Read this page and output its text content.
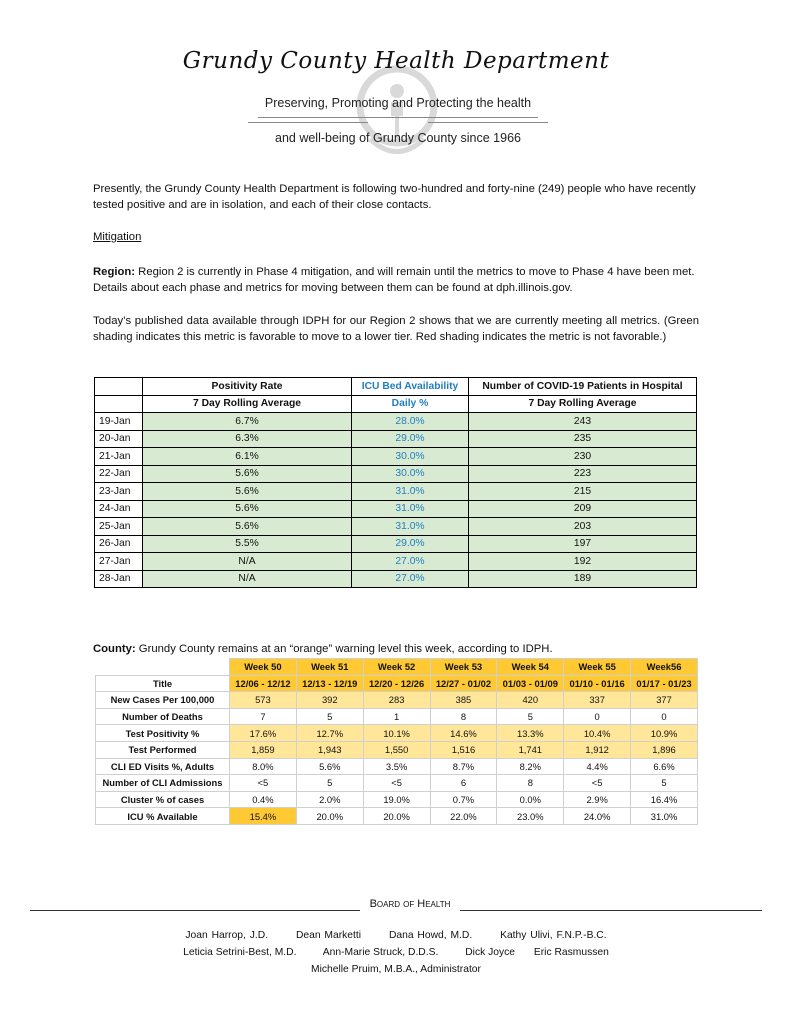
Grundy County Health Department
Preserving, Promoting and Protecting the health
and well-being of Grundy County since 1966
Presently, the Grundy County Health Department is following two-hundred and forty-nine (249) people who have recently tested positive and are in isolation, and each of their close contacts.
Mitigation
Region: Region 2 is currently in Phase 4 mitigation, and will remain until the metrics to move to Phase 4 have been met. Details about each phase and metrics for moving between them can be found at dph.illinois.gov.
Today’s published data available through IDPH for our Region 2 shows that we are currently meeting all metrics. (Green shading indicates this metric is favorable to move to a lower tier. Red shading indicates the metric is not favorable.)
	Positivity Rate	ICU Bed Availability	Number of COVID-19 Patients in Hospital
	7 Day Rolling Average	Daily %	7 Day Rolling Average
19-Jan	6.7%	28.0%	243
20-Jan	6.3%	29.0%	235
21-Jan	6.1%	30.0%	230
22-Jan	5.6%	30.0%	223
23-Jan	5.6%	31.0%	215
24-Jan	5.6%	31.0%	209
25-Jan	5.6%	31.0%	203
26-Jan	5.5%	29.0%	197
27-Jan	N/A	27.0%	192
28-Jan	N/A	27.0%	189
County: Grundy County remains at an “orange” warning level this week, according to IDPH.
	Week 50	Week 51	Week 52	Week 53	Week 54	Week 55	Week56
Title	12/06 - 12/12	12/13 - 12/19	12/20 - 12/26	12/27 - 01/02	01/03 - 01/09	01/10 - 01/16	01/17 - 01/23
New Cases Per 100,000	573	392	283	385	420	337	377
Number of Deaths	7	5	1	8	5	0	0
Test Positivity %	17.6%	12.7%	10.1%	14.6%	13.3%	10.4%	10.9%
Test Performed	1,859	1,943	1,550	1,516	1,741	1,912	1,896
CLI ED Visits %, Adults	8.0%	5.6%	3.5%	8.7%	8.2%	4.4%	6.6%
Number of CLI Admissions	<5	5	<5	6	8	<5	5
Cluster % of cases	0.4%	2.0%	19.0%	0.7%	0.0%	2.9%	16.4%
ICU % Available	15.4%	20.0%	20.0%	22.0%	23.0%	24.0%	31.0%
Board of Health
Joan Harrop, J.D.	Dean Marketti	Dana Howd, M.D.	Kathy Ulivi, F.N.P.-B.C.
Leticia Setrini-Best, M.D.	Ann-Marie Struck, D.D.S.	Dick Joyce Eric Rasmussen
Michelle Pruim, M.B.A., Administrator
